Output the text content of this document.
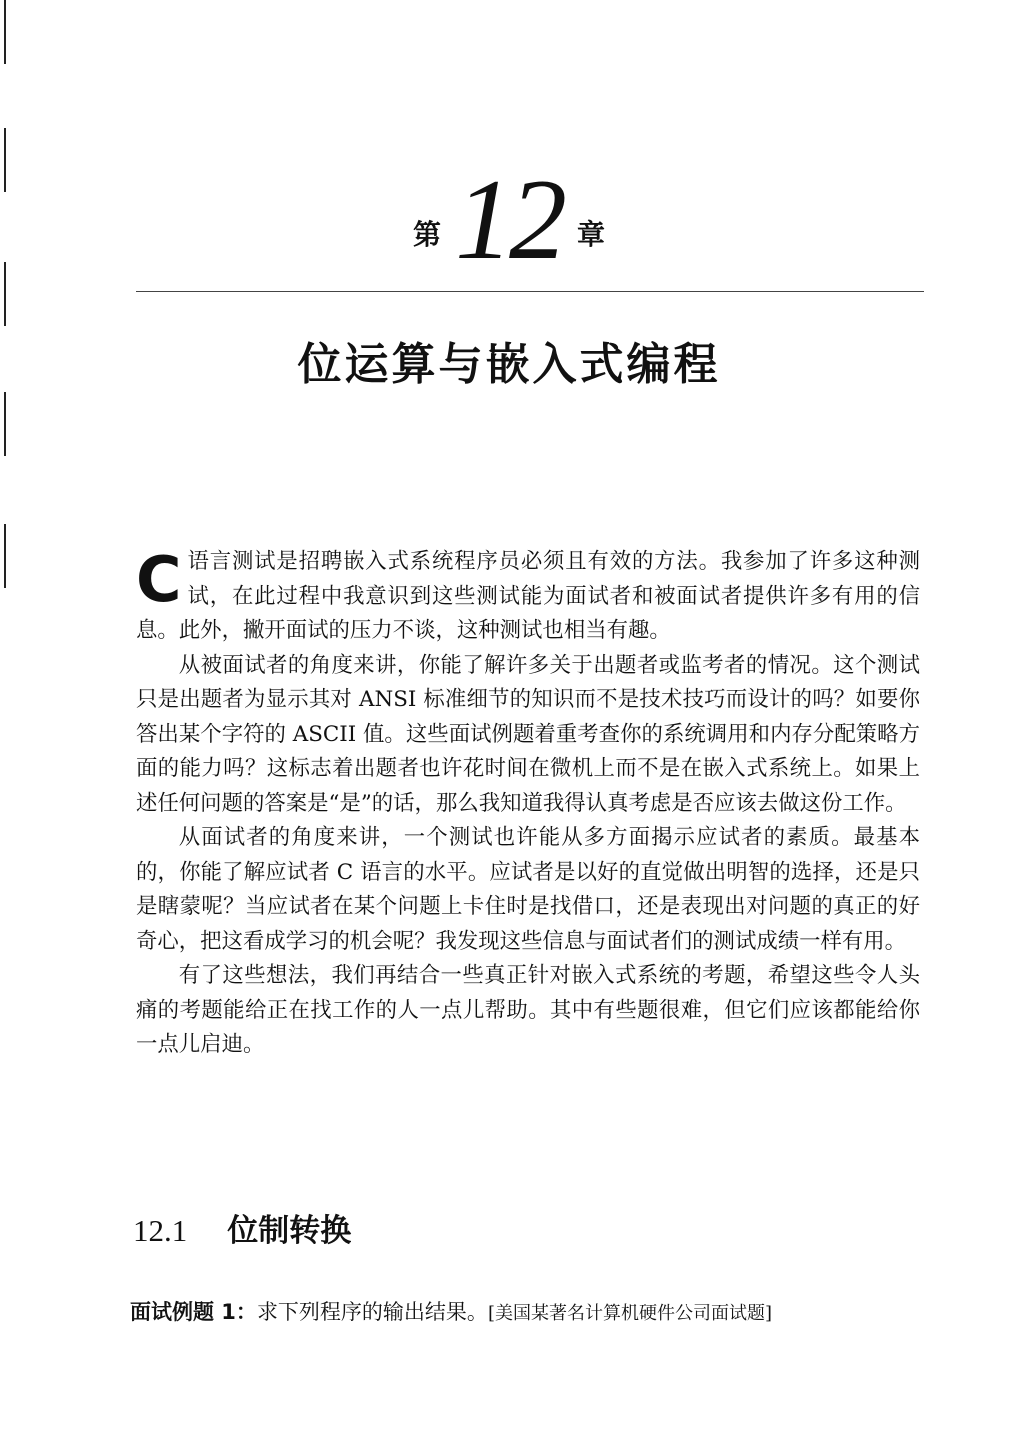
第 12 章
位运算与嵌入式编程

C语言测试是招聘嵌入式系统程序员必须且有效的方法。我参加了许多这种测试，在此过程中我意识到这些测试能为面试者和被面试者提供许多有用的信息。此外，撇开面试的压力不谈，这种测试也相当有趣。

从被面试者的角度来讲，你能了解许多关于出题者或监考者的情况。这个测试只是出题者为显示其对 ANSI 标准细节的知识而不是技术技巧而设计的吗？如要你答出某个字符的 ASCII 值。这些面试例题着重考查你的系统调用和内存分配策略方面的能力吗？这标志着出题者也许花时间在微机上而不是在嵌入式系统上。如果上述任何问题的答案是“是”的话，那么我知道我得认真考虑是否应该去做这份工作。

从面试者的角度来讲，一个测试也许能从多方面揭示应试者的素质。最基本的，你能了解应试者 C 语言的水平。应试者是以好的直觉做出明智的选择，还是只是瞎蒙呢？当应试者在某个问题上卡住时是找借口，还是表现出对问题的真正的好奇心，把这看成学习的机会呢？我发现这些信息与面试者们的测试成绩一样有用。

有了这些想法，我们再结合一些真正针对嵌入式系统的考题，希望这些令人头痛的考题能给正在找工作的人一点儿帮助。其中有些题很难，但它们应该都能给你一点儿启迪。

12.1 位制转换
面试例题 1：求下列程序的输出结果。[美国某著名计算机硬件公司面试题]
